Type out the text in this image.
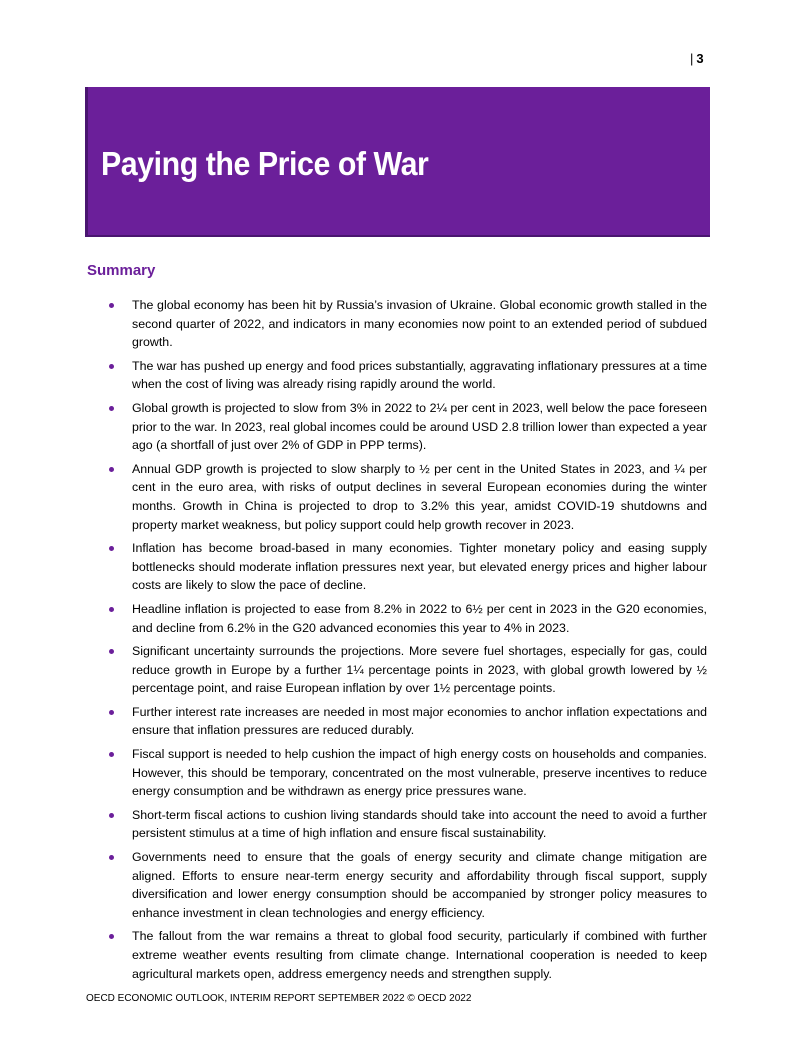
| 3
Paying the Price of War
Summary
The global economy has been hit by Russia’s invasion of Ukraine. Global economic growth stalled in the second quarter of 2022, and indicators in many economies now point to an extended period of subdued growth.
The war has pushed up energy and food prices substantially, aggravating inflationary pressures at a time when the cost of living was already rising rapidly around the world.
Global growth is projected to slow from 3% in 2022 to 2¼ per cent in 2023, well below the pace foreseen prior to the war. In 2023, real global incomes could be around USD 2.8 trillion lower than expected a year ago (a shortfall of just over 2% of GDP in PPP terms).
Annual GDP growth is projected to slow sharply to ½ per cent in the United States in 2023, and ¼ per cent in the euro area, with risks of output declines in several European economies during the winter months. Growth in China is projected to drop to 3.2% this year, amidst COVID-19 shutdowns and property market weakness, but policy support could help growth recover in 2023.
Inflation has become broad-based in many economies. Tighter monetary policy and easing supply bottlenecks should moderate inflation pressures next year, but elevated energy prices and higher labour costs are likely to slow the pace of decline.
Headline inflation is projected to ease from 8.2% in 2022 to 6½ per cent in 2023 in the G20 economies, and decline from 6.2% in the G20 advanced economies this year to 4% in 2023.
Significant uncertainty surrounds the projections. More severe fuel shortages, especially for gas, could reduce growth in Europe by a further 1¼ percentage points in 2023, with global growth lowered by ½ percentage point, and raise European inflation by over 1½ percentage points.
Further interest rate increases are needed in most major economies to anchor inflation expectations and ensure that inflation pressures are reduced durably.
Fiscal support is needed to help cushion the impact of high energy costs on households and companies. However, this should be temporary, concentrated on the most vulnerable, preserve incentives to reduce energy consumption and be withdrawn as energy price pressures wane.
Short-term fiscal actions to cushion living standards should take into account the need to avoid a further persistent stimulus at a time of high inflation and ensure fiscal sustainability.
Governments need to ensure that the goals of energy security and climate change mitigation are aligned. Efforts to ensure near-term energy security and affordability through fiscal support, supply diversification and lower energy consumption should be accompanied by stronger policy measures to enhance investment in clean technologies and energy efficiency.
The fallout from the war remains a threat to global food security, particularly if combined with further extreme weather events resulting from climate change. International cooperation is needed to keep agricultural markets open, address emergency needs and strengthen supply.
OECD ECONOMIC OUTLOOK, INTERIM REPORT SEPTEMBER 2022 © OECD 2022
